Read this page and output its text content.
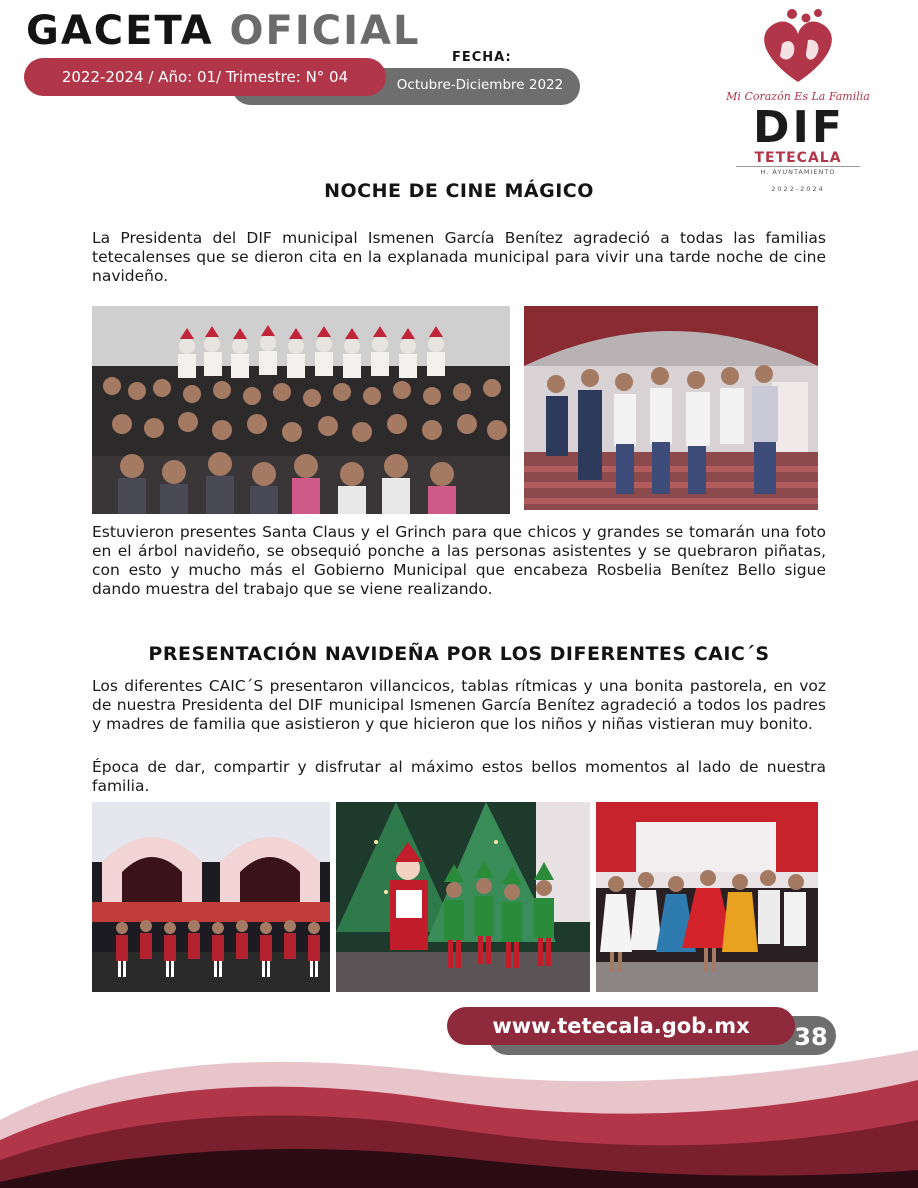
GACETA OFICIAL
FECHA:
Octubre-Diciembre 2022
2022-2024 / Año: 01/ Trimestre: N° 04
Mi Corazón Es La Familia
DIF
TETECALA
H. AYUNTAMIENTO
2022-2024
NOCHE DE CINE MÁGICO

La Presidenta del DIF municipal Ismenen García Benítez agradeció a todas las familias tetecalenses que se dieron cita en la explanada municipal para vivir una tarde noche de cine navideño.

Estuvieron presentes Santa Claus y el Grinch para que chicos y grandes se tomarán una foto en el árbol navideño, se obsequió ponche a las personas asistentes y se quebraron piñatas, con esto y mucho más el Gobierno Municipal que encabeza Rosbelia Benítez Bello sigue dando muestra del trabajo que se viene realizando.

PRESENTACIÓN NAVIDEÑA POR LOS DIFERENTES CAIC´S

Los diferentes CAIC´S presentaron villancicos, tablas rítmicas y una bonita pastorela, en voz de nuestra Presidenta del DIF municipal Ismenen García Benítez agradeció a todos los padres y madres de familia que asistieron y que hicieron que los niños y niñas vistieran muy bonito.

Época de dar, compartir y disfrutar al máximo estos bellos momentos al lado de nuestra familia.

www.tetecala.gob.mx	38
